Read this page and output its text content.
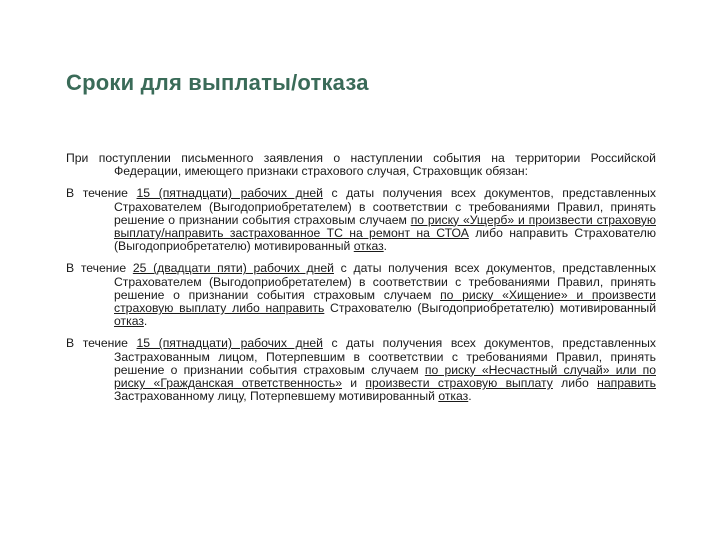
Сроки для выплаты/отказа

При поступлении письменного заявления о наступлении события на территории Российской Федерации, имеющего признаки страхового случая, Страховщик обязан:

В течение 15 (пятнадцати) рабочих дней с даты получения всех документов, представленных Страхователем (Выгодоприобретателем) в соответствии с требованиями Правил, принять решение о признании события страховым случаем по риску «Ущерб» и произвести страховую выплату/направить застрахованное ТС на ремонт на СТОА либо направить Страхователю (Выгодоприобретателю) мотивированный отказ.

В течение 25 (двадцати пяти) рабочих дней с даты получения всех документов, представленных Страхователем (Выгодоприобретателем) в соответствии с требованиями Правил, принять решение о признании события страховым случаем по риску «Хищение» и произвести страховую выплату либо направить Страхователю (Выгодоприобретателю) мотивированный отказ.

В течение 15 (пятнадцати) рабочих дней с даты получения всех документов, представленных Застрахованным лицом, Потерпевшим в соответствии с требованиями Правил, принять решение о признании события страховым случаем по риску «Несчастный случай» или по риску «Гражданская ответственность» и произвести страховую выплату либо направить Застрахованному лицу, Потерпевшему мотивированный отказ.
